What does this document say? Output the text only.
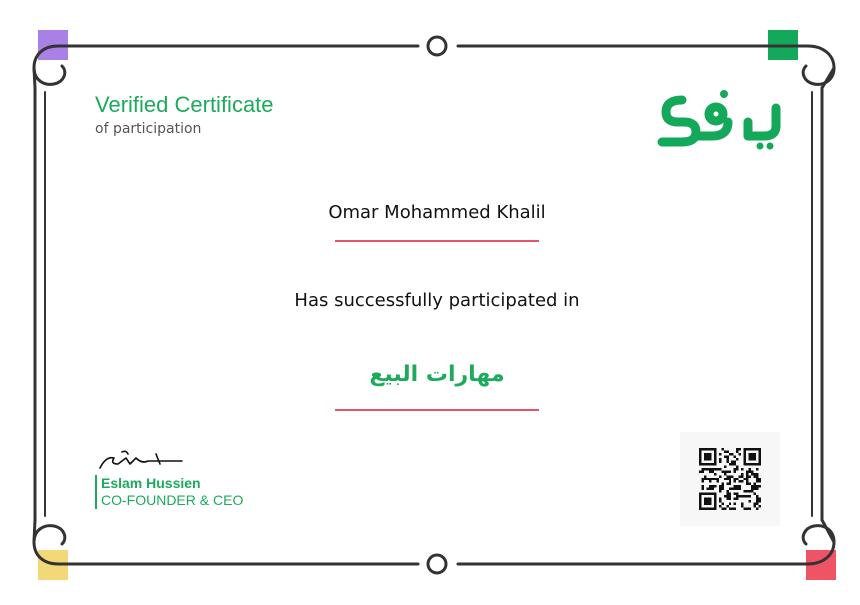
Verified Certificate
of participation
Omar Mohammed Khalil
Has successfully participated in
مهارات البيع
Eslam Hussien
CO-FOUNDER & CEO
